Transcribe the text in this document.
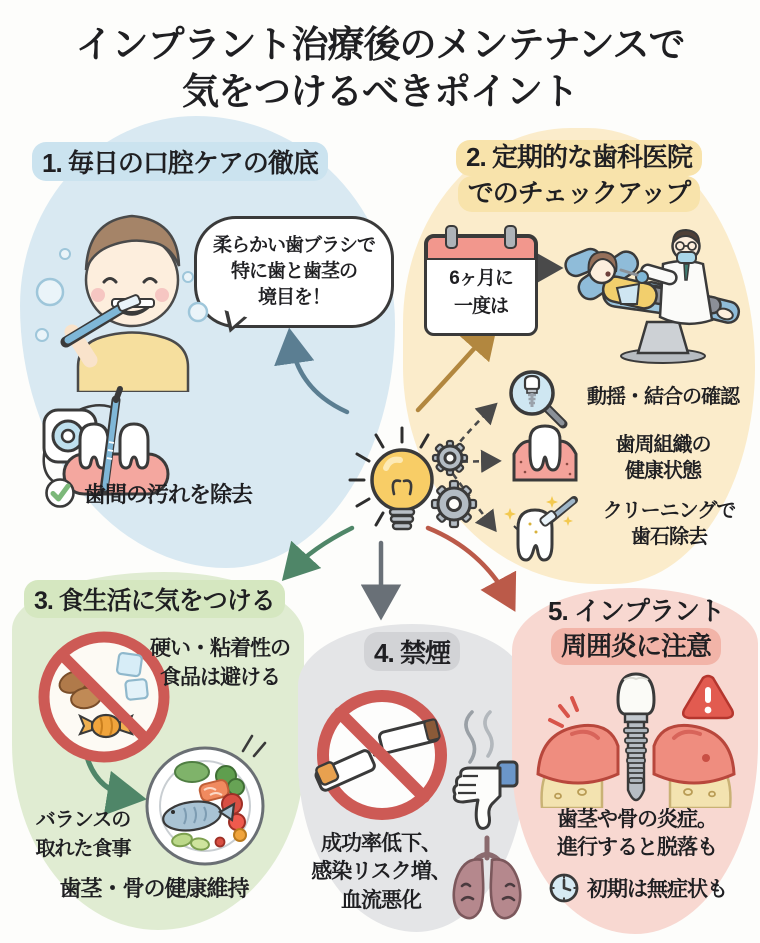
インプラント治療後のメンテナンスで
気をつけるべきポイント
1. 毎日の口腔ケアの徹底
柔らかい歯ブラシで
特に歯と歯茎の
境目を！
歯間の汚れを除去
2. 定期的な歯科医院
でのチェックアップ
6ヶ月に
一度は
動揺・結合の確認
歯周組織の
健康状態
クリーニングで
歯石除去
3. 食生活に気をつける
硬い・粘着性の
食品は避ける
バランスの
取れた食事
歯茎・骨の健康維持
4. 禁煙
成功率低下、
感染リスク増、
血流悪化
5. インプラント
周囲炎に注意
歯茎や骨の炎症。
進行すると脱落も
初期は無症状も
